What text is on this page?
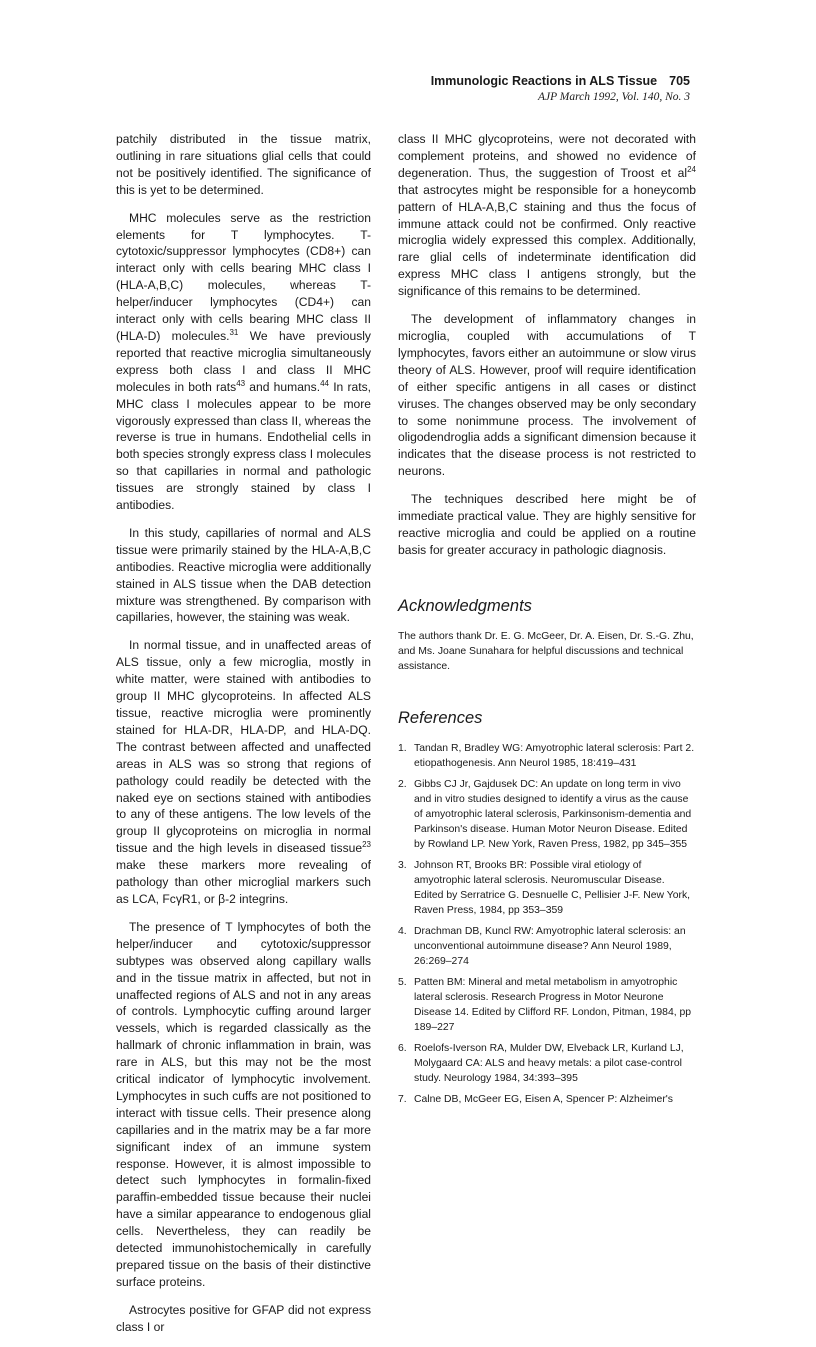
Immunologic Reactions in ALS Tissue 705
AJP March 1992, Vol. 140, No. 3

patchily distributed in the tissue matrix, outlining in rare situations glial cells that could not be positively identified. The significance of this is yet to be determined.

MHC molecules serve as the restriction elements for T lymphocytes. T-cytotoxic/suppressor lymphocytes (CD8+) can interact only with cells bearing MHC class I (HLA-A,B,C) molecules, whereas T-helper/inducer lymphocytes (CD4+) can interact only with cells bearing MHC class II (HLA-D) molecules.$^{31}$ We have previously reported that reactive microglia simultaneously express both class I and class II MHC molecules in both rats$^{43}$ and humans.$^{44}$ In rats, MHC class I molecules appear to be more vigorously expressed than class II, whereas the reverse is true in humans. Endothelial cells in both species strongly express class I molecules so that capillaries in normal and pathologic tissues are strongly stained by class I antibodies.

In this study, capillaries of normal and ALS tissue were primarily stained by the HLA-A,B,C antibodies. Reactive microglia were additionally stained in ALS tissue when the DAB detection mixture was strengthened. By comparison with capillaries, however, the staining was weak.

In normal tissue, and in unaffected areas of ALS tissue, only a few microglia, mostly in white matter, were stained with antibodies to group II MHC glycoproteins. In affected ALS tissue, reactive microglia were prominently stained for HLA-DR, HLA-DP, and HLA-DQ. The contrast between affected and unaffected areas in ALS was so strong that regions of pathology could readily be detected with the naked eye on sections stained with antibodies to any of these antigens. The low levels of the group II glycoproteins on microglia in normal tissue and the high levels in diseased tissue$^{23}$ make these markers more revealing of pathology than other microglial markers such as LCA, FcγR1, or β-2 integrins.

The presence of T lymphocytes of both the helper/inducer and cytotoxic/suppressor subtypes was observed along capillary walls and in the tissue matrix in affected, but not in unaffected regions of ALS and not in any areas of controls. Lymphocytic cuffing around larger vessels, which is regarded classically as the hallmark of chronic inflammation in brain, was rare in ALS, but this may not be the most critical indicator of lymphocytic involvement. Lymphocytes in such cuffs are not positioned to interact with tissue cells. Their presence along capillaries and in the matrix may be a far more significant index of an immune system response. However, it is almost impossible to detect such lymphocytes in formalin-fixed paraffin-embedded tissue because their nuclei have a similar appearance to endogenous glial cells. Nevertheless, they can readily be detected immunohistochemically in carefully prepared tissue on the basis of their distinctive surface proteins.

Astrocytes positive for GFAP did not express class I or

class II MHC glycoproteins, were not decorated with complement proteins, and showed no evidence of degeneration. Thus, the suggestion of Troost et $al^{24}$ that astrocytes might be responsible for a honeycomb pattern of HLA-A,B,C staining and thus the focus of immune attack could not be confirmed. Only reactive microglia widely expressed this complex. Additionally, rare glial cells of indeterminate identification did express MHC class I antigens strongly, but the significance of this remains to be determined.

The development of inflammatory changes in microglia, coupled with accumulations of T lymphocytes, favors either an autoimmune or slow virus theory of ALS. However, proof will require identification of either specific antigens in all cases or distinct viruses. The changes observed may be only secondary to some nonimmune process. The involvement of oligodendroglia adds a significant dimension because it indicates that the disease process is not restricted to neurons.

The techniques described here might be of immediate practical value. They are highly sensitive for reactive microglia and could be applied on a routine basis for greater accuracy in pathologic diagnosis.

Acknowledgments

The authors thank Dr. E. G. McGeer, Dr. A. Eisen, Dr. S.-G. Zhu, and Ms. Joane Sunahara for helpful discussions and technical assistance.

References
1. Tandan R, Bradley WG: Amyotrophic lateral sclerosis: Part 2. etiopathogenesis. Ann Neurol 1985, 18:419–431
2. Gibbs CJ Jr, Gajdusek DC: An update on long term in vivo and in vitro studies designed to identify a virus as the cause of amyotrophic lateral sclerosis, Parkinsonism-dementia and Parkinson's disease. Human Motor Neuron Disease. Edited by Rowland LP. New York, Raven Press, 1982, pp 345–355
3. Johnson RT, Brooks BR: Possible viral etiology of amyotrophic lateral sclerosis. Neuromuscular Disease. Edited by Serratrice G. Desnuelle C, Pellisier J-F. New York, Raven Press, 1984, pp 353–359
4. Drachman DB, Kuncl RW: Amyotrophic lateral sclerosis: an unconventional autoimmune disease? Ann Neurol 1989, 26:269–274
5. Patten BM: Mineral and metal metabolism in amyotrophic lateral sclerosis. Research Progress in Motor Neurone Disease 14. Edited by Clifford RF. London, Pitman, 1984, pp 189–227
6. Roelofs-Iverson RA, Mulder DW, Elveback LR, Kurland LJ, Molygaard CA: ALS and heavy metals: a pilot case-control study. Neurology 1984, 34:393–395
7. Calne DB, McGeer EG, Eisen A, Spencer P: Alzheimer's
